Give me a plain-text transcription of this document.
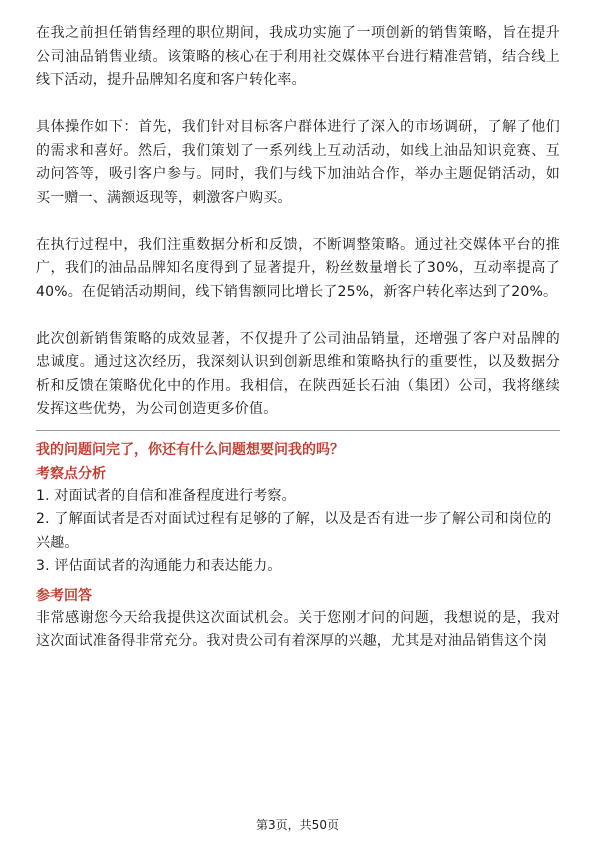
在我之前担任销售经理的职位期间，我成功实施了一项创新的销售策略，旨在提升公司油品销售业绩。该策略的核心在于利用社交媒体平台进行精准营销，结合线上线下活动，提升品牌知名度和客户转化率。

具体操作如下：首先，我们针对目标客户群体进行了深入的市场调研，了解了他们的需求和喜好。然后，我们策划了一系列线上互动活动，如线上油品知识竞赛、互动问答等，吸引客户参与。同时，我们与线下加油站合作，举办主题促销活动，如买一赠一、满额返现等，刺激客户购买。

在执行过程中，我们注重数据分析和反馈，不断调整策略。通过社交媒体平台的推广，我们的油品品牌知名度得到了显著提升，粉丝数量增长了30%，互动率提高了40%。在促销活动期间，线下销售额同比增长了25%，新客户转化率达到了20%。

此次创新销售策略的成效显著，不仅提升了公司油品销量，还增强了客户对品牌的忠诚度。通过这次经历，我深刻认识到创新思维和策略执行的重要性，以及数据分析和反馈在策略优化中的作用。我相信，在陕西延长石油（集团）公司，我将继续发挥这些优势，为公司创造更多价值。

我的问题问完了，你还有什么问题想要问我的吗？

考察点分析

1. 对面试者的自信和准备程度进行考察。

2. 了解面试者是否对面试过程有足够的了解，以及是否有进一步了解公司和岗位的兴趣。

3. 评估面试者的沟通能力和表达能力。

参考回答

非常感谢您今天给我提供这次面试机会。关于您刚才问的问题，我想说的是，我对这次面试准备得非常充分。我对贵公司有着深厚的兴趣，尤其是对油品销售这个岗

第3页，共50页
